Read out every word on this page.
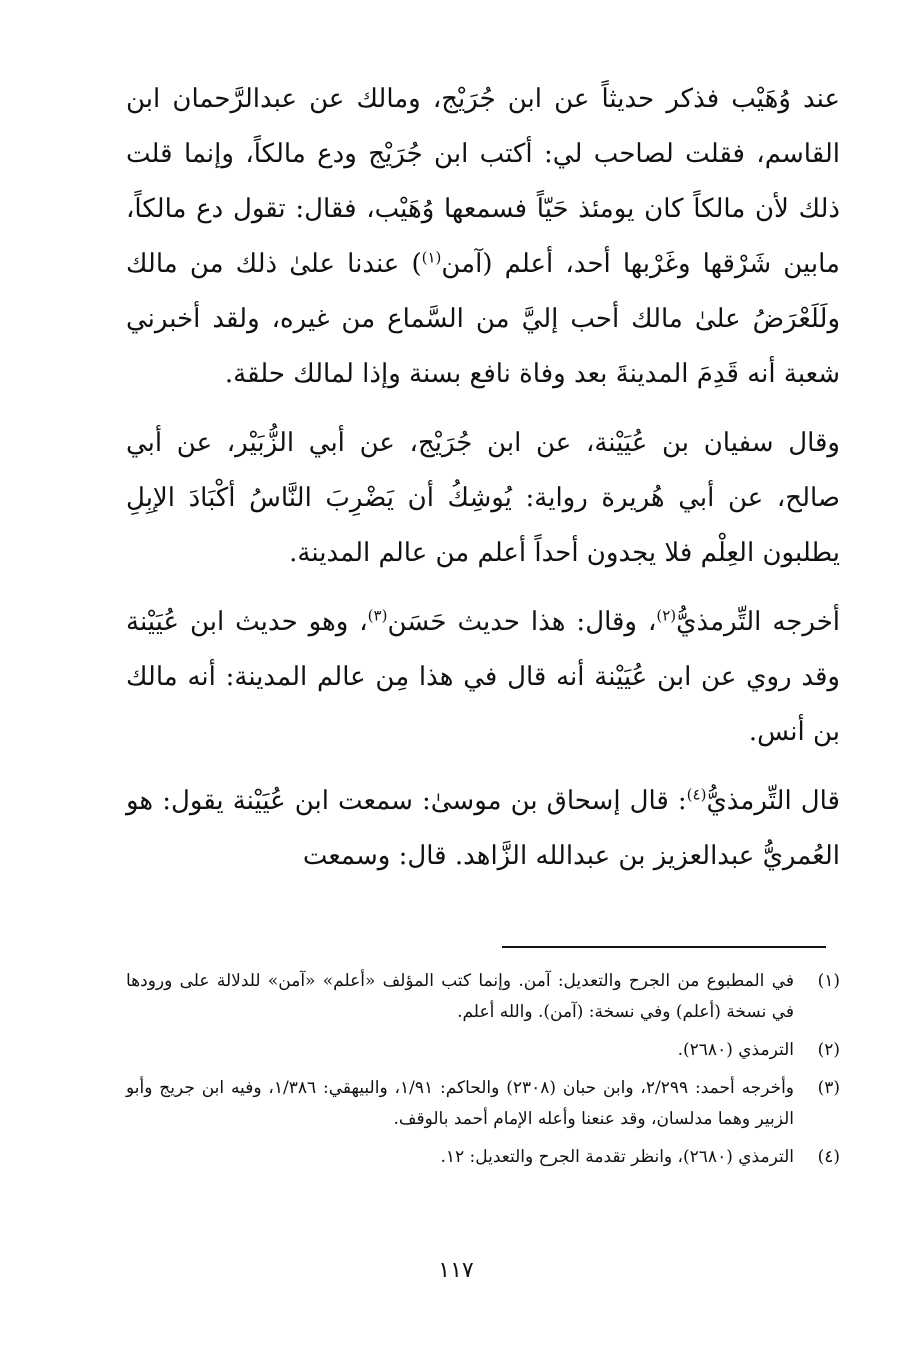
عند وُهَيْب فذكر حديثاً عن ابن جُرَيْج، ومالك عن عبدالرَّحمان ابن القاسم، فقلت لصاحب لي: أكتب ابن جُرَيْج ودع مالكاً، وإنما قلت ذلك لأن مالكاً كان يومئذ حَيّاً فسمعها وُهَيْب، فقال: تقول دع مالكاً، مابين شَرْقها وغَرْبها أحد، أعلم (آمن$^{(١)}$) عندنا علىٰ ذلك من مالك ولَلَعْرَضُ علىٰ مالك أحب إليَّ من السَّماع من غيره، ولقد أخبرني شعبة أنه قَدِمَ المدينةَ بعد وفاة نافع بسنة وإذا لمالك حلقة.

وقال سفيان بن عُيَيْنة، عن ابن جُرَيْج، عن أبي الزُّبَيْر، عن أبي صالح، عن أبي هُريرة رواية: يُوشِكُ أن يَضْرِبَ النَّاسُ أكْبَادَ الإبِلِ يطلبون العِلْم فلا يجدون أحداً أعلم من عالم المدينة.

أخرجه التِّرمذيُّ$^{(٢)}$، وقال: هذا حديث حَسَن$^{(٣)}$، وهو حديث ابن عُيَيْنة وقد روي عن ابن عُيَيْنة أنه قال في هذا مِن عالم المدينة: أنه مالك بن أنس.

قال التِّرمذيُّ$^{(٤)}$: قال إسحاق بن موسىٰ: سمعت ابن عُيَيْنة يقول: هو العُمريُّ عبدالعزيز بن عبدالله الزَّاهد. قال: وسمعت

(١)
في المطبوع من الجرح والتعديل: آمن. وإنما كتب المؤلف «أعلم» «آمن» للدلالة على ورودها في نسخة (أعلم) وفي نسخة: (آمن). والله أعلم.
(٢)
الترمذي (٢٦٨٠).
(٣)
وأخرجه أحمد: ٢/٢٩٩، وابن حبان (٢٣٠٨) والحاكم: ١/٩١، والبيهقي: ١/٣٨٦، وفيه ابن جريج وأبو الزبير وهما مدلسان، وقد عنعنا وأعله الإمام أحمد بالوقف.
(٤)
الترمذي (٢٦٨٠)، وانظر تقدمة الجرح والتعديل: ١٢.
١١٧
